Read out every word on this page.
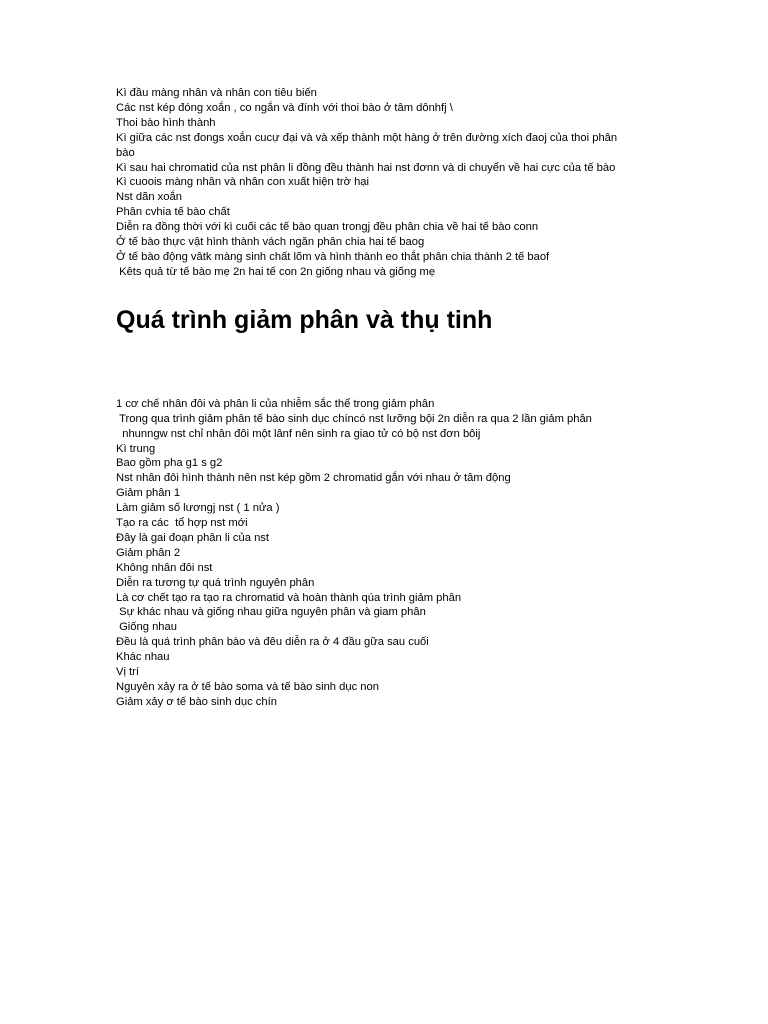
Kì đầu màng nhân và nhân con tiêu biến

Các nst kép đóng xoắn , co ngắn và đính với thoi bào ở tâm dônhfj \

Thoi bào hình thành

Kì giữa các nst đongs xoắn cucự đại và và xếp thành một hàng ở trên đường xích đaoj của thoi phân

bào

Kì sau hai chromatid của nst phân li đồng đều thành hai nst đơnn và di chuyển về hai cực của tế bào

Kì cuoois màng nhân và nhân con xuất hiện trờ hại

Nst dãn xoắn

Phân cvhia tế bào chất

Diễn ra đồng thời với kì cuối các tế bào quan trongj đều phân chia về hai tế bào conn

Ở tế bào thực vật hình thành vách ngăn phân chia hai tế baog

Ở tế bào động vâtk màng sinh chất lõm và hình thành eo thắt phân chia thành 2 tế baof

Kêts quả từ tế bào mẹ 2n hai tế con 2n giống nhau và giống mẹ

Quá trình giảm phân và thụ tinh

1 cơ chế nhân đôi và phân li của nhiễm sắc thể trong giảm phân

Trong qua trình giảm phân tế bào sinh dục chíncó nst lưỡng bội 2n diễn ra qua 2 lần giảm phân

nhunngw nst chỉ nhân đôi một lânf nên sinh ra giao tử có bộ nst đơn bôij

Kì trung

Bao gồm pha g1 s g2

Nst nhân đôi hình thành nên nst kép gồm 2 chromatid gắn với nhau ở tâm động

Giảm phân 1

Làm giảm số lươngj nst ( 1 nửa )

Tạo ra các  tổ hợp nst mới

Đây là gai đoạn phân li của nst

Giảm phân 2

Không nhân đôi nst

Diễn ra tương tự quá trình nguyên phân

Là cơ chết tạo ra tạo ra chromatid và hoàn thành qúa trình giảm phân

Sự khác nhau và giống nhau giữa nguyên phân và giam phân

Giống nhau

Đều là quá trình phân bào và đêu diễn ra ở 4 đầu gữa sau cuối

Khác nhau

Vị trí

Nguyên xảy ra ở tế bào soma và tế bào sinh dục non

Giảm xảy ơ tế bào sinh dục chín
